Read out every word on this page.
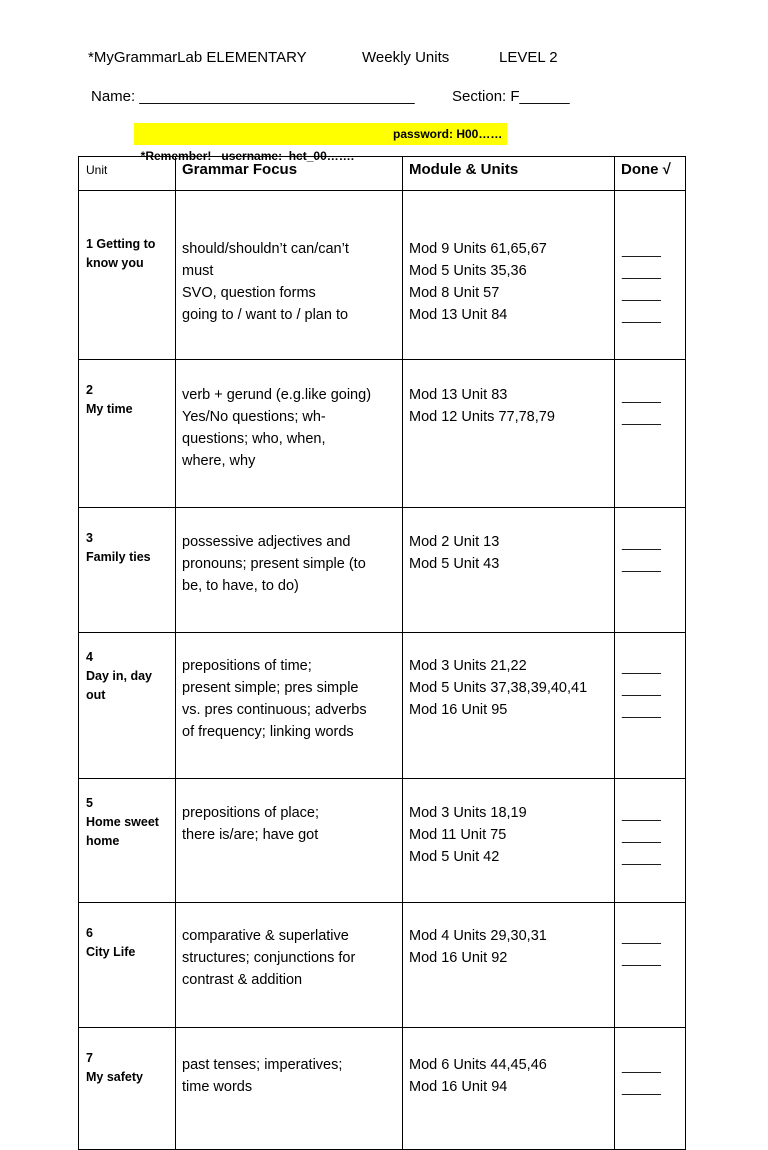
*MyGrammarLab ELEMENTARY	Weekly Units	LEVEL 2
Name: _________________________________ Section: F______

*Remember!   username:  hct_00…….

password: H00……

Unit	Grammar Focus	Module & Units	Done √

1 Getting to
know you	should/shouldn’t can/can’t
must
SVO, question forms
going to / want to / plan to	Mod 9 Units 61,65,67
Mod 5 Units 35,36
Mod 8 Unit 57
Mod 13 Unit 84	_____
_____
_____
_____

2
My time	verb + gerund (e.g.like going)
Yes/No questions; wh-
questions; who, when,
where, why	Mod 13 Unit 83
Mod 12 Units 77,78,79	_____
_____

3
Family ties	possessive adjectives and
pronouns; present simple (to
be, to have, to do)	Mod 2 Unit 13
Mod 5 Unit 43	_____
_____

4
Day in, day
out	prepositions of time;
present simple; pres simple
vs. pres continuous; adverbs
of frequency; linking words	Mod 3 Units 21,22
Mod 5 Units 37,38,39,40,41
Mod 16 Unit 95	_____
_____
_____

5
Home sweet
home	prepositions of place;
there is/are; have got	Mod 3 Units 18,19
Mod 11 Unit 75
Mod 5 Unit 42	_____
_____
_____

6
City Life	comparative & superlative
structures; conjunctions for
contrast & addition	Mod 4 Units 29,30,31
Mod 16 Unit 92	_____
_____

7
My safety	past tenses; imperatives;
time words	Mod 6 Units 44,45,46
Mod 16 Unit 94	_____
_____
